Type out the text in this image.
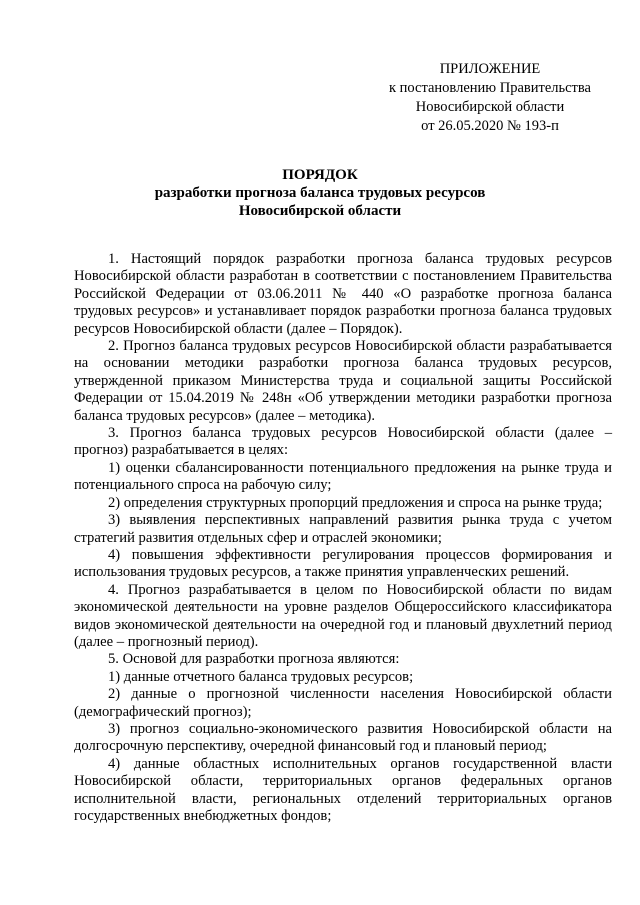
ПРИЛОЖЕНИЕ
к постановлению Правительства
Новосибирской области
от 26.05.2020 № 193-п
ПОРЯДОК
разработки прогноза баланса трудовых ресурсов
Новосибирской области

1. Настоящий порядок разработки прогноза баланса трудовых ресурсов Новосибирской области разработан в соответствии с постановлением Правительства Российской Федерации от 03.06.2011 № 440 «О разработке прогноза баланса трудовых ресурсов» и устанавливает порядок разработки прогноза баланса трудовых ресурсов Новосибирской области (далее – Порядок).

2. Прогноз баланса трудовых ресурсов Новосибирской области разрабатывается на основании методики разработки прогноза баланса трудовых ресурсов, утвержденной приказом Министерства труда и социальной защиты Российской Федерации от 15.04.2019 № 248н «Об утверждении методики разработки прогноза баланса трудовых ресурсов» (далее – методика).

3. Прогноз баланса трудовых ресурсов Новосибирской области (далее – прогноз) разрабатывается в целях:

1) оценки сбалансированности потенциального предложения на рынке труда и потенциального спроса на рабочую силу;

2) определения структурных пропорций предложения и спроса на рынке труда;

3) выявления перспективных направлений развития рынка труда с учетом стратегий развития отдельных сфер и отраслей экономики;

4) повышения эффективности регулирования процессов формирования и использования трудовых ресурсов, а также принятия управленческих решений.

4. Прогноз разрабатывается в целом по Новосибирской области по видам экономической деятельности на уровне разделов Общероссийского классификатора видов экономической деятельности на очередной год и плановый двухлетний период (далее – прогнозный период).

5. Основой для разработки прогноза являются:

1) данные отчетного баланса трудовых ресурсов;

2) данные о прогнозной численности населения Новосибирской области (демографический прогноз);

3) прогноз социально-экономического развития Новосибирской области на долгосрочную перспективу, очередной финансовый год и плановый период;

4) данные областных исполнительных органов государственной власти Новосибирской области, территориальных органов федеральных органов исполнительной власти, региональных отделений территориальных органов государственных внебюджетных фондов;
